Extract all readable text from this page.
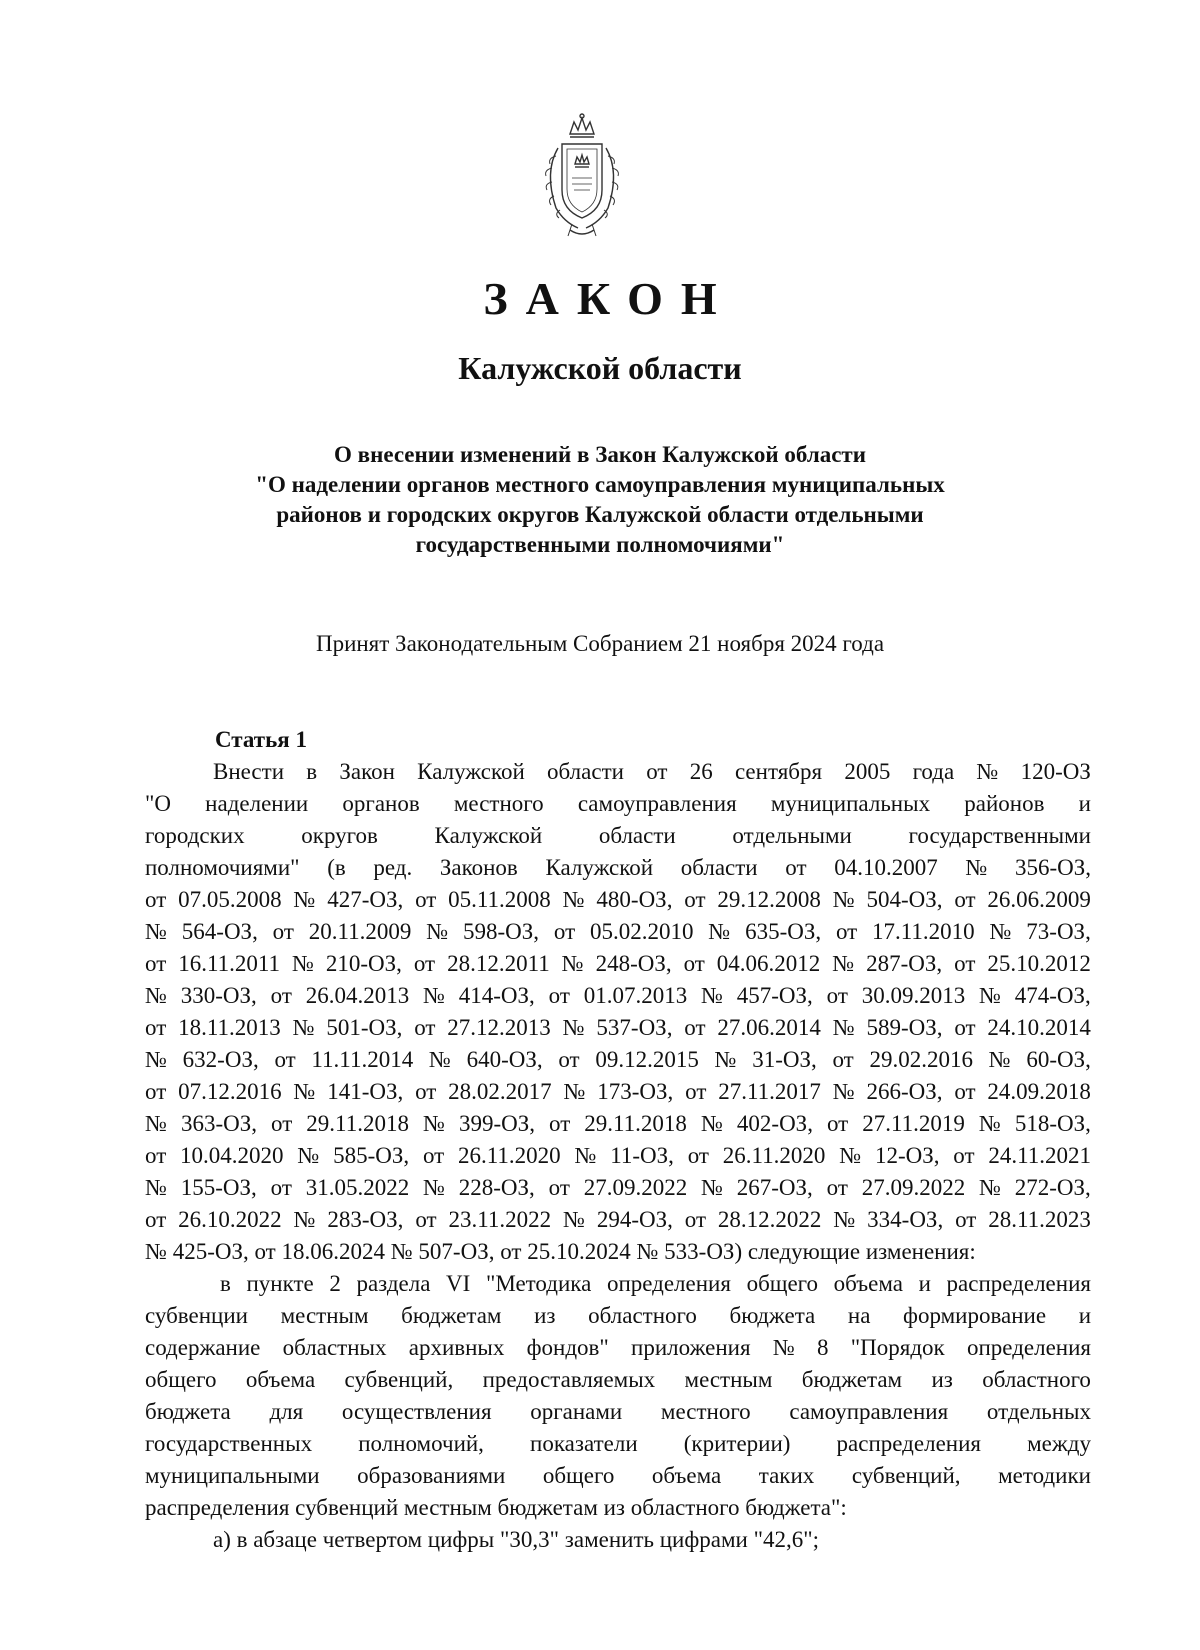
ЗАКОН
Калужской области
О внесении изменений в Закон Калужской области
"О наделении органов местного самоуправления муниципальных
районов и городских округов Калужской области отдельными
государственными полномочиями"
Принят Законодательным Собранием 21 ноября 2024 года
Статья 1
Внести в Закон Калужской области от 26 сентября 2005 года № 120-ОЗ
"О наделении органов местного самоуправления муниципальных районов и
городских округов Калужской области отдельными государственными
полномочиями" (в ред. Законов Калужской области от 04.10.2007 № 356-ОЗ,
от 07.05.2008 № 427-ОЗ, от 05.11.2008 № 480-ОЗ, от 29.12.2008 № 504-ОЗ, от 26.06.2009
№ 564-ОЗ, от 20.11.2009 № 598-ОЗ, от 05.02.2010 № 635-ОЗ, от 17.11.2010 № 73-ОЗ,
от 16.11.2011 № 210-ОЗ, от 28.12.2011 № 248-ОЗ, от 04.06.2012 № 287-ОЗ, от 25.10.2012
№ 330-ОЗ, от 26.04.2013 № 414-ОЗ, от 01.07.2013 № 457-ОЗ, от 30.09.2013 № 474-ОЗ,
от 18.11.2013 № 501-ОЗ, от 27.12.2013 № 537-ОЗ, от 27.06.2014 № 589-ОЗ, от 24.10.2014
№ 632-ОЗ, от 11.11.2014 № 640-ОЗ, от 09.12.2015 № 31-ОЗ, от 29.02.2016 № 60-ОЗ,
от 07.12.2016 № 141-ОЗ, от 28.02.2017 № 173-ОЗ, от 27.11.2017 № 266-ОЗ, от 24.09.2018
№ 363-ОЗ, от 29.11.2018 № 399-ОЗ, от 29.11.2018 № 402-ОЗ, от 27.11.2019 № 518-ОЗ,
от 10.04.2020 № 585-ОЗ, от 26.11.2020 № 11-ОЗ, от 26.11.2020 № 12-ОЗ, от 24.11.2021
№ 155-ОЗ, от 31.05.2022 № 228-ОЗ, от 27.09.2022 № 267-ОЗ, от 27.09.2022 № 272-ОЗ,
от 26.10.2022 № 283-ОЗ, от 23.11.2022 № 294-ОЗ, от 28.12.2022 № 334-ОЗ, от 28.11.2023
№ 425-ОЗ, от 18.06.2024 № 507-ОЗ, от 25.10.2024 № 533-ОЗ) следующие изменения:
в пункте 2 раздела VI "Методика определения общего объема и распределения
субвенции местным бюджетам из областного бюджета на формирование и
содержание областных архивных фондов" приложения № 8 "Порядок определения
общего объема субвенций, предоставляемых местным бюджетам из областного
бюджета для осуществления органами местного самоуправления отдельных
государственных полномочий, показатели (критерии) распределения между
муниципальными образованиями общего объема таких субвенций, методики
распределения субвенций местным бюджетам из областного бюджета":
а) в абзаце четвертом цифры "30,3" заменить цифрами "42,6";
